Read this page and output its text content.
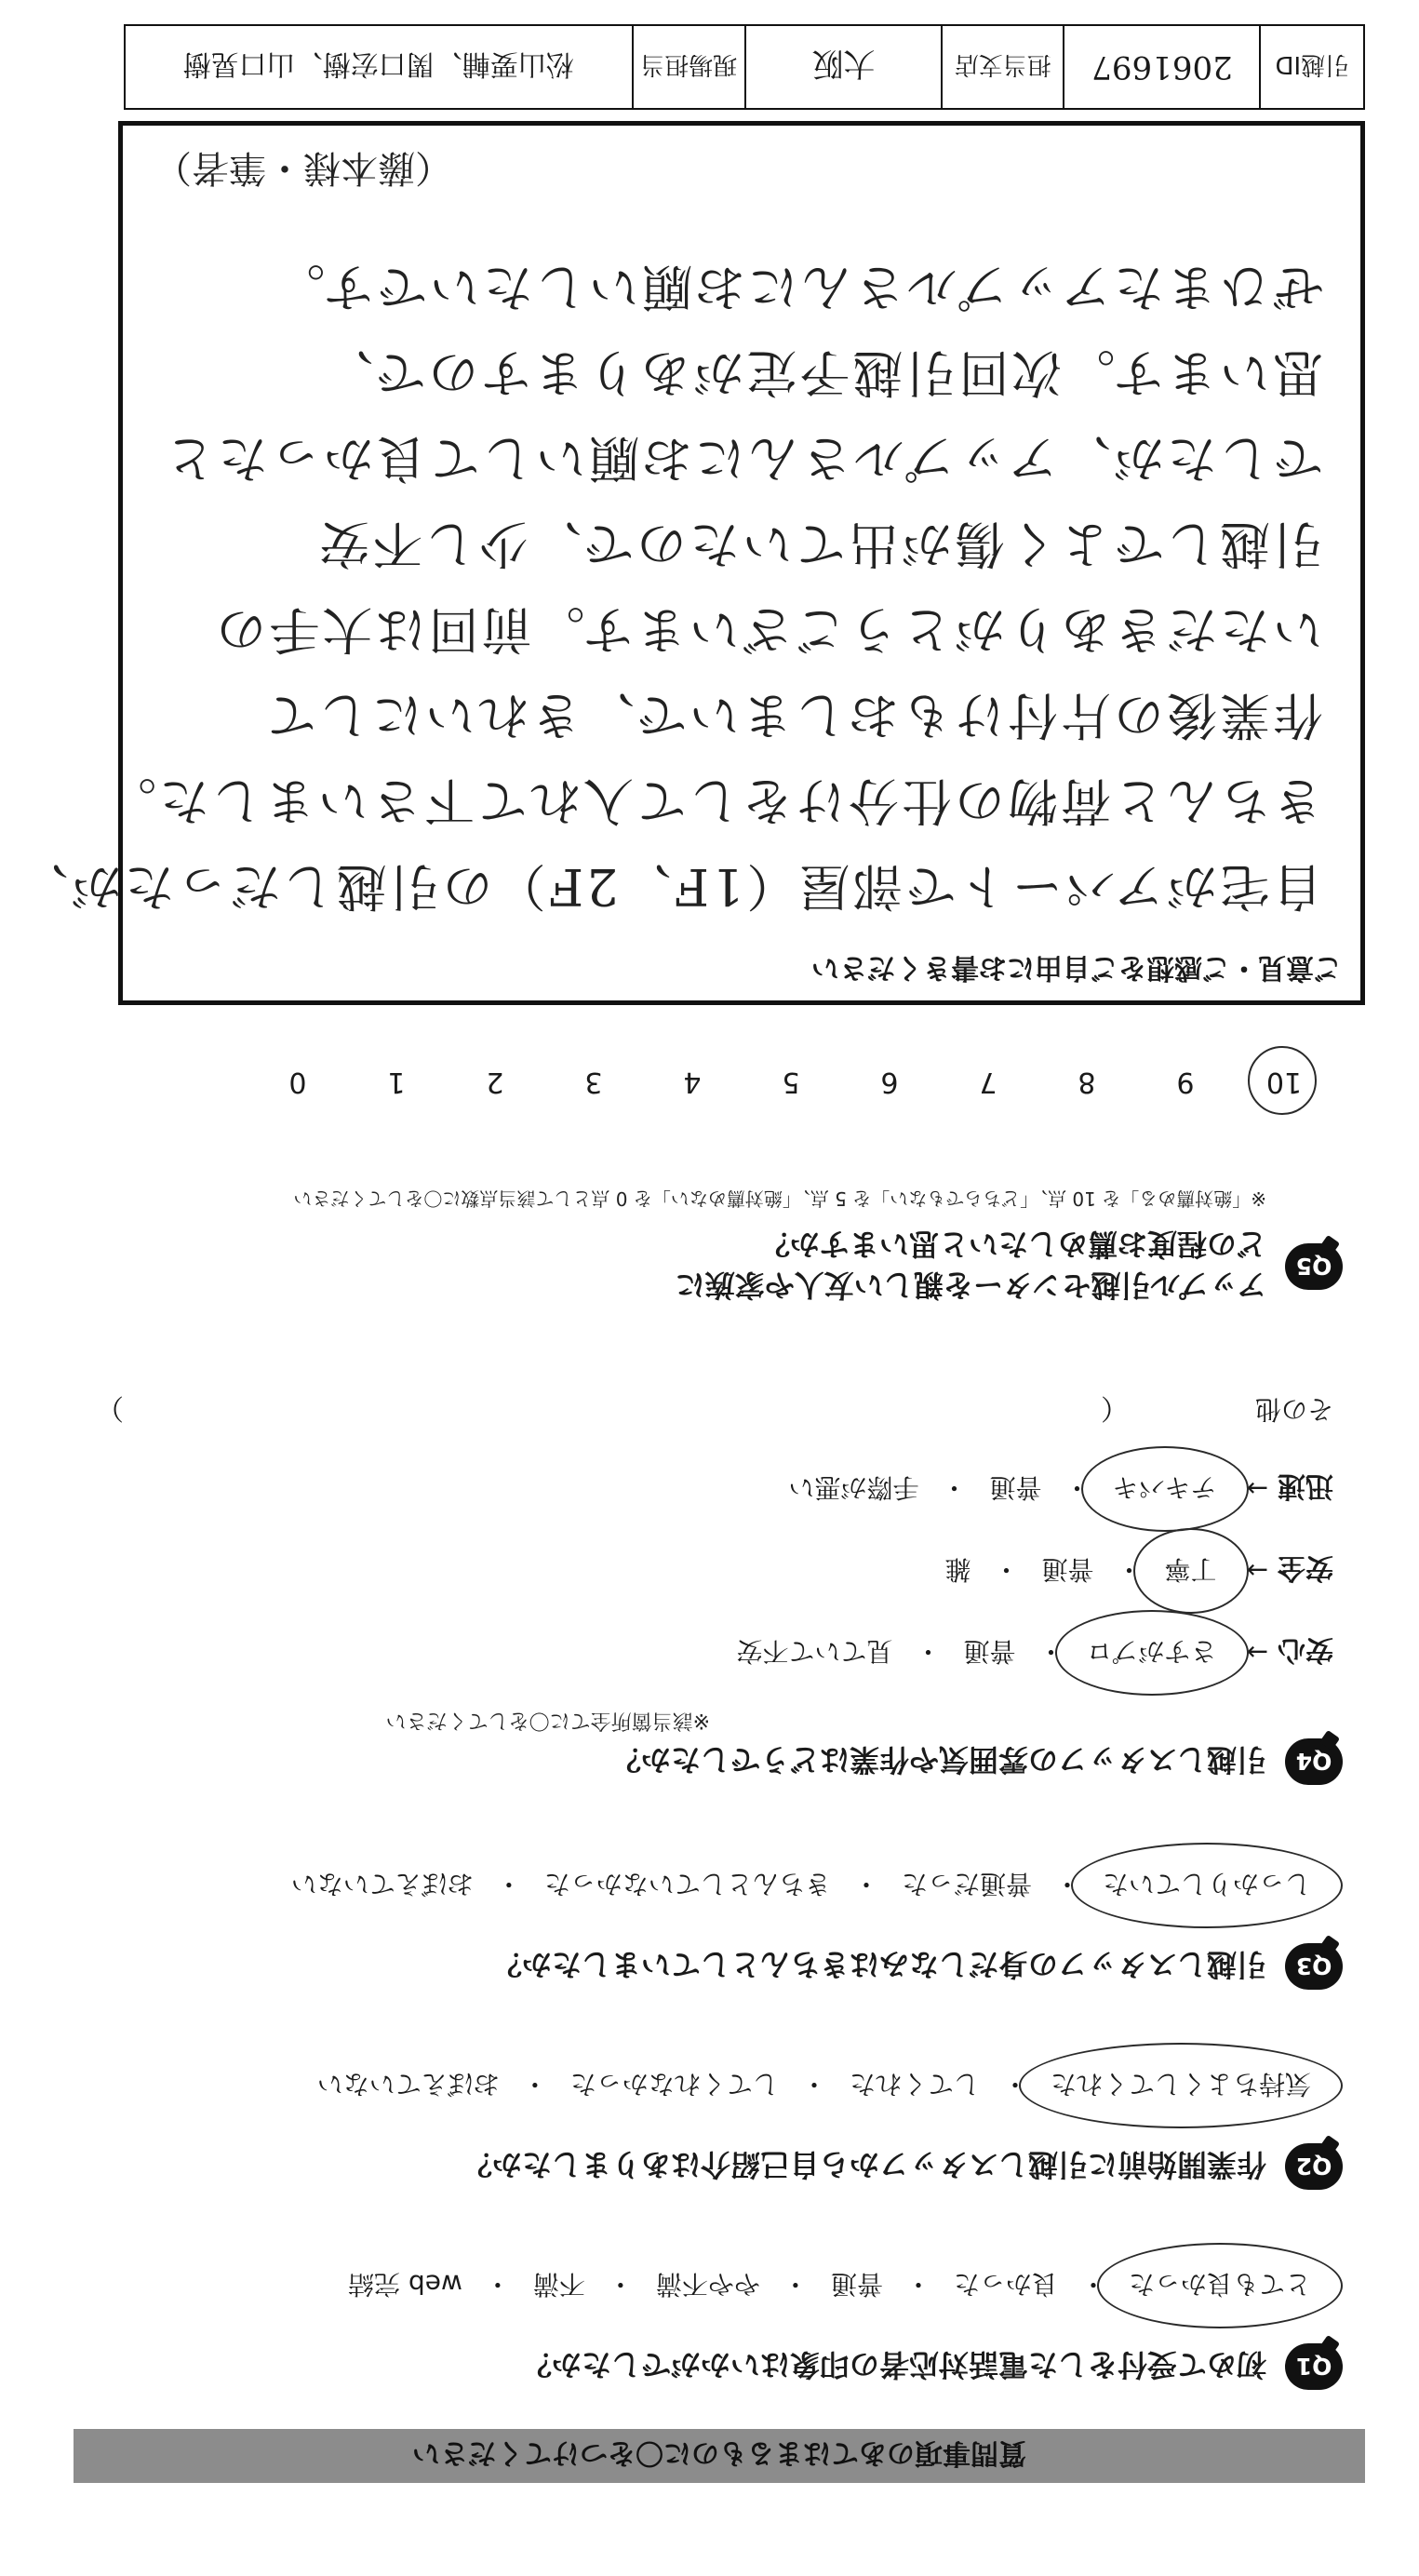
質問事項のあてはまるものに〇をつけてください
Q1
初めて受付をした電話対応者の印象はいかがでしたか？
とても良かった
・
良かった
・
普通
・
やや不満
・
不満
・
web 完結
Q2
作業開始前に引越しスタッフから自己紹介はありましたか？
気持ちよくしてくれた
・
してくれた
・
してくれなかった
・
おぼえていない
Q3
引越しスタッフの身だしなみはきちんとしていましたか？
しっかりしていた
・
普通だった
・
きちんとしていなかった
・
おぼえていない
Q4
引越しスタッフの雰囲気や作業はどうでしたか？
※該当箇所全てに〇をしてください
安心
→
さすがプロ
・
普通
・
見ていて不安
安全
→
丁寧
・
普通
・
雑
迅速
→
テキパキ
・
普通
・
手際が悪い
その他
（
）
Q5
アップル引越センターを親しい友人や家族に
どの程度お薦めしたいと思いますか？
※「絶対薦める」を 10 点、「どちらでもない」を 5 点、「絶対薦めない」を 0 点として該当点数に〇をしてください
10
9
8
7
6
5
4
3
2
1
0
ご意見・ご感想をご自由にお書きください
自宅がアパートで部屋（1F、2F）の引越しだったが、
きちんと荷物の仕分けをして入れて下さいました。
作業後の片付けもおしまいで、きれいにして
いただきありがとうございます。前回は大手の
引越しでよく傷が出ていたので、少し不安
でしたが、アップルさんにお願いして良かったと
思います。次回引越予定がありますので、
ぜひまたアップルさんにお願いしたいです。
（藤本様・筆者）
引越ID
2061697
担当支店
大阪
現場担当
松山要輔、関口宏樹、山口晃樹
